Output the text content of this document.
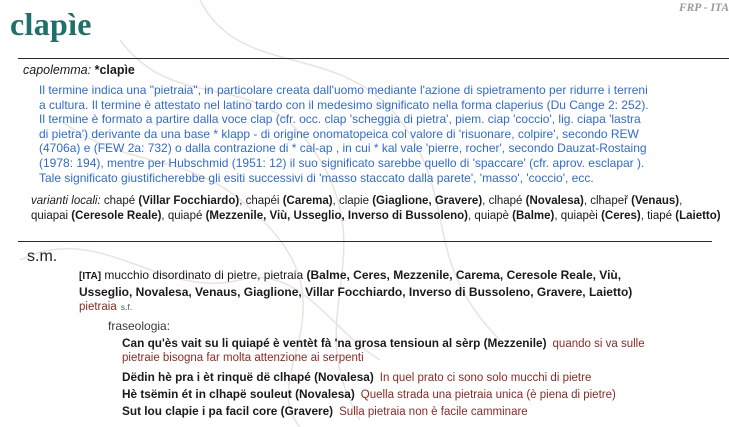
clapìe	FRP - ITA
capolemma: *clapìe
Il termine indica una "pietraia", in particolare creata dall'uomo mediante l'azione di spietramento per ridurre i terreni
a cultura. Il termine è attestato nel latino tardo con il medesimo significato nella forma claperius (Du Cange 2: 252).
Il termine è formato a partire dalla voce clap (cfr. occ. clap 'scheggia di pietra', piem. ciap 'coccio', lig. ciapa 'lastra
di pietra') derivante da una base * klapp - di origine onomatopeica col valore di 'risuonare, colpire', secondo REW
(4706a) e (FEW 2a: 732) o dalla contrazione di * cal-ap , in cui * kal vale 'pierre, rocher', secondo Dauzat-Rostaing
(1978: 194), mentre per Hubschmid (1951: 12) il suo significato sarebbe quello di 'spaccare' (cfr. aprov. esclapar ).
Tale significato giustificherebbe gli esiti successivi di 'masso staccato dalla parete', 'masso', 'coccio', ecc.
varianti locali: chapé (Villar Focchiardo), chapéi (Carema), clapie (Giaglione, Gravere), clhapé (Novalesa), clhapeř (Venaus), quiapai (Ceresole Reale), quiapé (Mezzenile, Viù, Usseglio, Inverso di Bussoleno), quiapè (Balme), quiapèi (Ceres), tiapé (Laietto)
s.m.
[ITA] mucchio disordinato di pietre, pietraia (Balme, Ceres, Mezzenile, Carema, Ceresole Reale, Viù,
Usseglio, Novalesa, Venaus, Giaglione, Villar Focchiardo, Inverso di Bussoleno, Gravere, Laietto)
pietraia s.f.
fraseologia:
Can qu'ès vait su li quiapé è ventèt fà 'na grosa tensioun al sèrp (Mezzenile) quando si va sulle
pietraie bisogna far molta attenzione ai serpenti
Dëdin hè pra i èt rinquë dë clhapé (Novalesa) In quel prato ci sono solo mucchi di pietre
Hè tsëmin ét in clhapë souleut (Novalesa) Quella strada una pietraia unica (è piena di pietre)
Sut lou clapie i pa facil core (Gravere) Sulla pietraia non è facile camminare
